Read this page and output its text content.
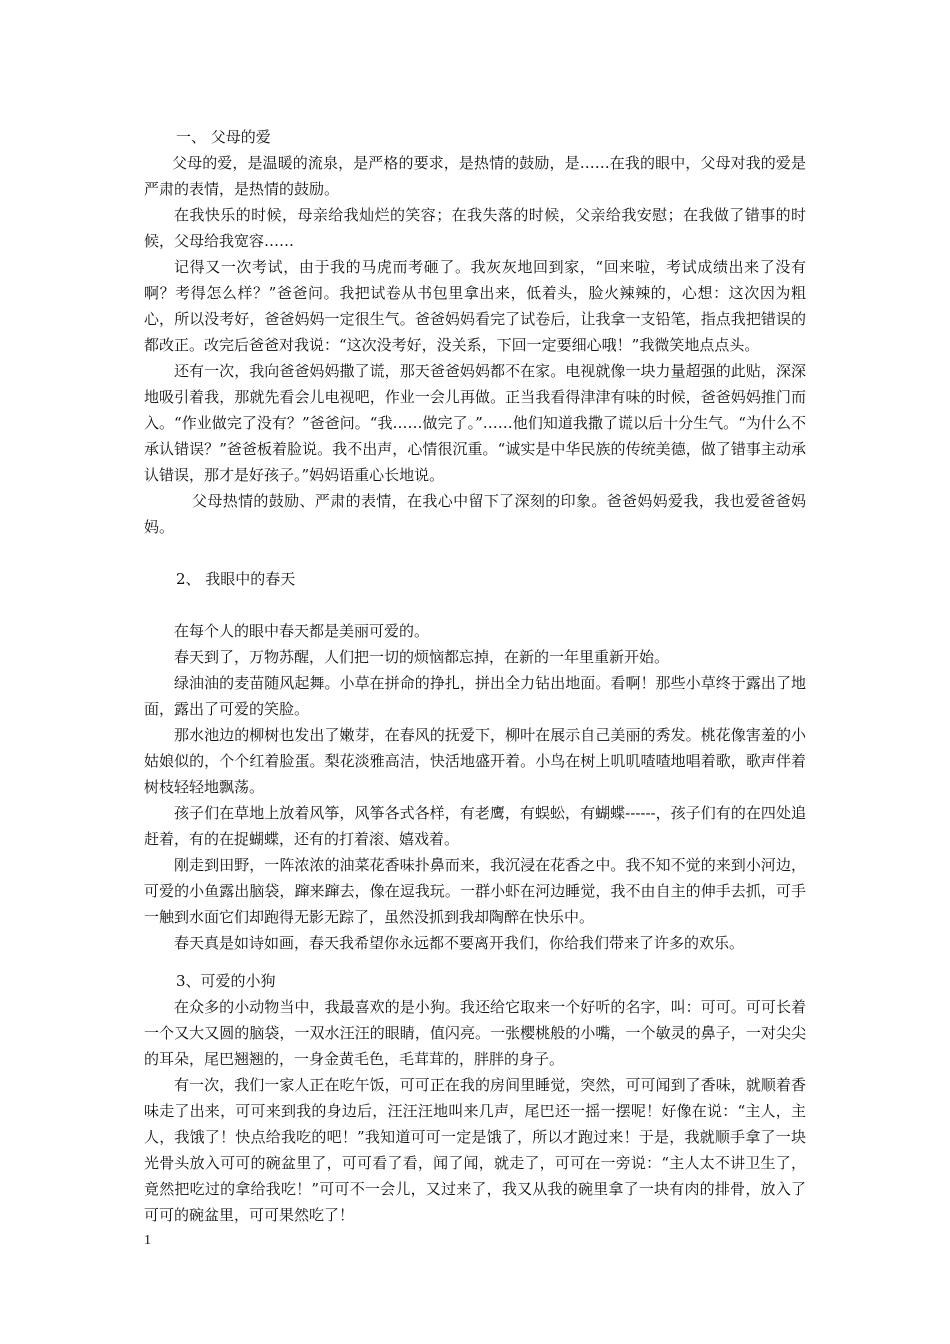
一、 父母的爱

父母的爱，是温暖的流泉，是严格的要求，是热情的鼓励，是……在我的眼中，父母对我的爱是严肃的表情，是热情的鼓励。

在我快乐的时候，母亲给我灿烂的笑容；在我失落的时候，父亲给我安慰；在我做了错事的时候，父母给我宽容……

记得又一次考试，由于我的马虎而考砸了。我灰灰地回到家，“回来啦，考试成绩出来了没有啊？考得怎么样？”爸爸问。我把试卷从书包里拿出来，低着头，脸火辣辣的，心想：这次因为粗心，所以没考好，爸爸妈妈一定很生气。爸爸妈妈看完了试卷后，让我拿一支铅笔，指点我把错误的都改正。改完后爸爸对我说：“这次没考好，没关系，下回一定要细心哦！”我微笑地点点头。

还有一次，我向爸爸妈妈撒了谎，那天爸爸妈妈都不在家。电视就像一块力量超强的此贴，深深地吸引着我，那就先看会儿电视吧，作业一会儿再做。正当我看得津津有味的时候，爸爸妈妈推门而入。“作业做完了没有？”爸爸问。“我……做完了。”……他们知道我撒了谎以后十分生气。“为什么不承认错误？”爸爸板着脸说。我不出声，心情很沉重。“诚实是中华民族的传统美德，做了错事主动承认错误，那才是好孩子。”妈妈语重心长地说。

父母热情的鼓励、严肃的表情，在我心中留下了深刻的印象。爸爸妈妈爱我，我也爱爸爸妈妈。

2、 我眼中的春天

在每个人的眼中春天都是美丽可爱的。

春天到了，万物苏醒，人们把一切的烦恼都忘掉，在新的一年里重新开始。

绿油油的麦苗随风起舞。小草在拼命的挣扎，拼出全力钻出地面。看啊！那些小草终于露出了地面，露出了可爱的笑脸。

那水池边的柳树也发出了嫩芽，在春风的抚爱下，柳叶在展示自己美丽的秀发。桃花像害羞的小姑娘似的，个个红着脸蛋。梨花淡雅高洁，快活地盛开着。小鸟在树上叽叽喳喳地唱着歌，歌声伴着树枝轻轻地飘荡。

孩子们在草地上放着风筝，风筝各式各样，有老鹰，有蜈蚣，有蝴蝶------，孩子们有的在四处追赶着，有的在捉蝴蝶，还有的打着滚、嬉戏着。

刚走到田野，一阵浓浓的油菜花香味扑鼻而来，我沉浸在花香之中。我不知不觉的来到小河边，可爱的小鱼露出脑袋，蹿来蹿去，像在逗我玩。一群小虾在河边睡觉，我不由自主的伸手去抓，可手一触到水面它们却跑得无影无踪了，虽然没抓到我却陶醉在快乐中。

春天真是如诗如画，春天我希望你永远都不要离开我们，你给我们带来了许多的欢乐。

3、可爱的小狗

在众多的小动物当中，我最喜欢的是小狗。我还给它取来一个好听的名字，叫：可可。可可长着一个又大又圆的脑袋，一双水汪汪的眼睛，值闪亮。一张樱桃般的小嘴，一个敏灵的鼻子，一对尖尖的耳朵，尾巴翘翘的，一身金黄毛色，毛茸茸的，胖胖的身子。

有一次，我们一家人正在吃午饭，可可正在我的房间里睡觉，突然，可可闻到了香味，就顺着香味走了出来，可可来到我的身边后，汪汪汪地叫来几声，尾巴还一摇一摆呢！好像在说：“主人，主人，我饿了！快点给我吃的吧！”我知道可可一定是饿了，所以才跑过来！于是，我就顺手拿了一块光骨头放入可可的碗盆里了，可可看了看，闻了闻，就走了，可可在一旁说：“主人太不讲卫生了，竟然把吃过的拿给我吃！”可可不一会儿，又过来了，我又从我的碗里拿了一块有肉的排骨，放入了可可的碗盆里，可可果然吃了！

1
